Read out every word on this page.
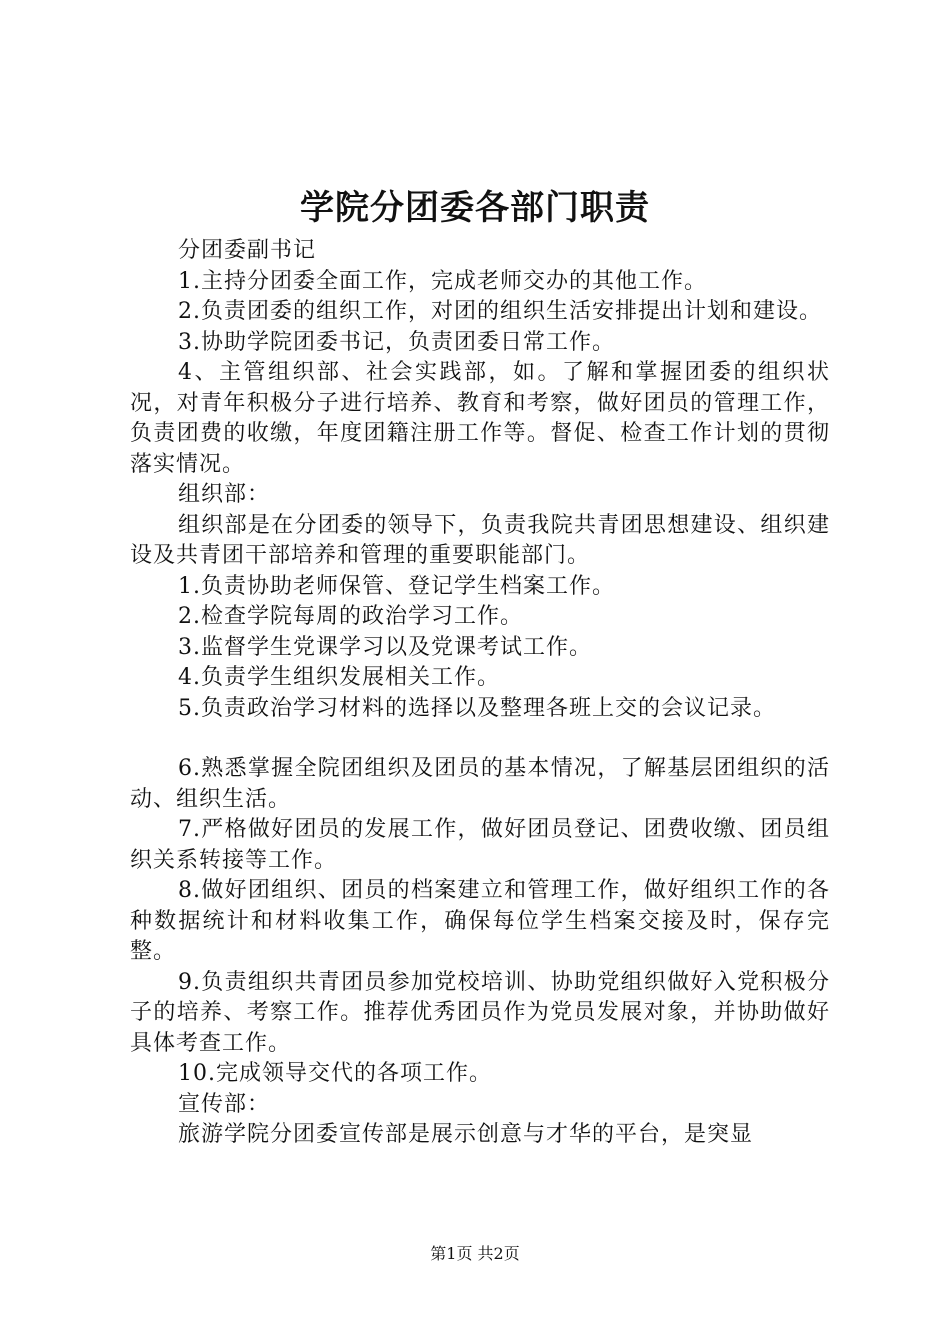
学院分团委各部门职责

分团委副书记

1.主持分团委全面工作，完成老师交办的其他工作。

2.负责团委的组织工作，对团的组织生活安排提出计划和建设。

3.协助学院团委书记，负责团委日常工作。

4、主管组织部、社会实践部，如。了解和掌握团委的组织状况，对青年积极分子进行培养、教育和考察，做好团员的管理工作，负责团费的收缴，年度团籍注册工作等。督促、检查工作计划的贯彻落实情况。

组织部：

组织部是在分团委的领导下，负责我院共青团思想建设、组织建设及共青团干部培养和管理的重要职能部门。

1.负责协助老师保管、登记学生档案工作。

2.检查学院每周的政治学习工作。

3.监督学生党课学习以及党课考试工作。

4.负责学生组织发展相关工作。

5.负责政治学习材料的选择以及整理各班上交的会议记录。

6.熟悉掌握全院团组织及团员的基本情况，了解基层团组织的活动、组织生活。

7.严格做好团员的发展工作，做好团员登记、团费收缴、团员组织关系转接等工作。

8.做好团组织、团员的档案建立和管理工作，做好组织工作的各种数据统计和材料收集工作，确保每位学生档案交接及时，保存完整。

9.负责组织共青团员参加党校培训、协助党组织做好入党积极分子的培养、考察工作。推荐优秀团员作为党员发展对象，并协助做好具体考查工作。

10.完成领导交代的各项工作。

宣传部：

旅游学院分团委宣传部是展示创意与才华的平台，是突显

第1页 共2页
